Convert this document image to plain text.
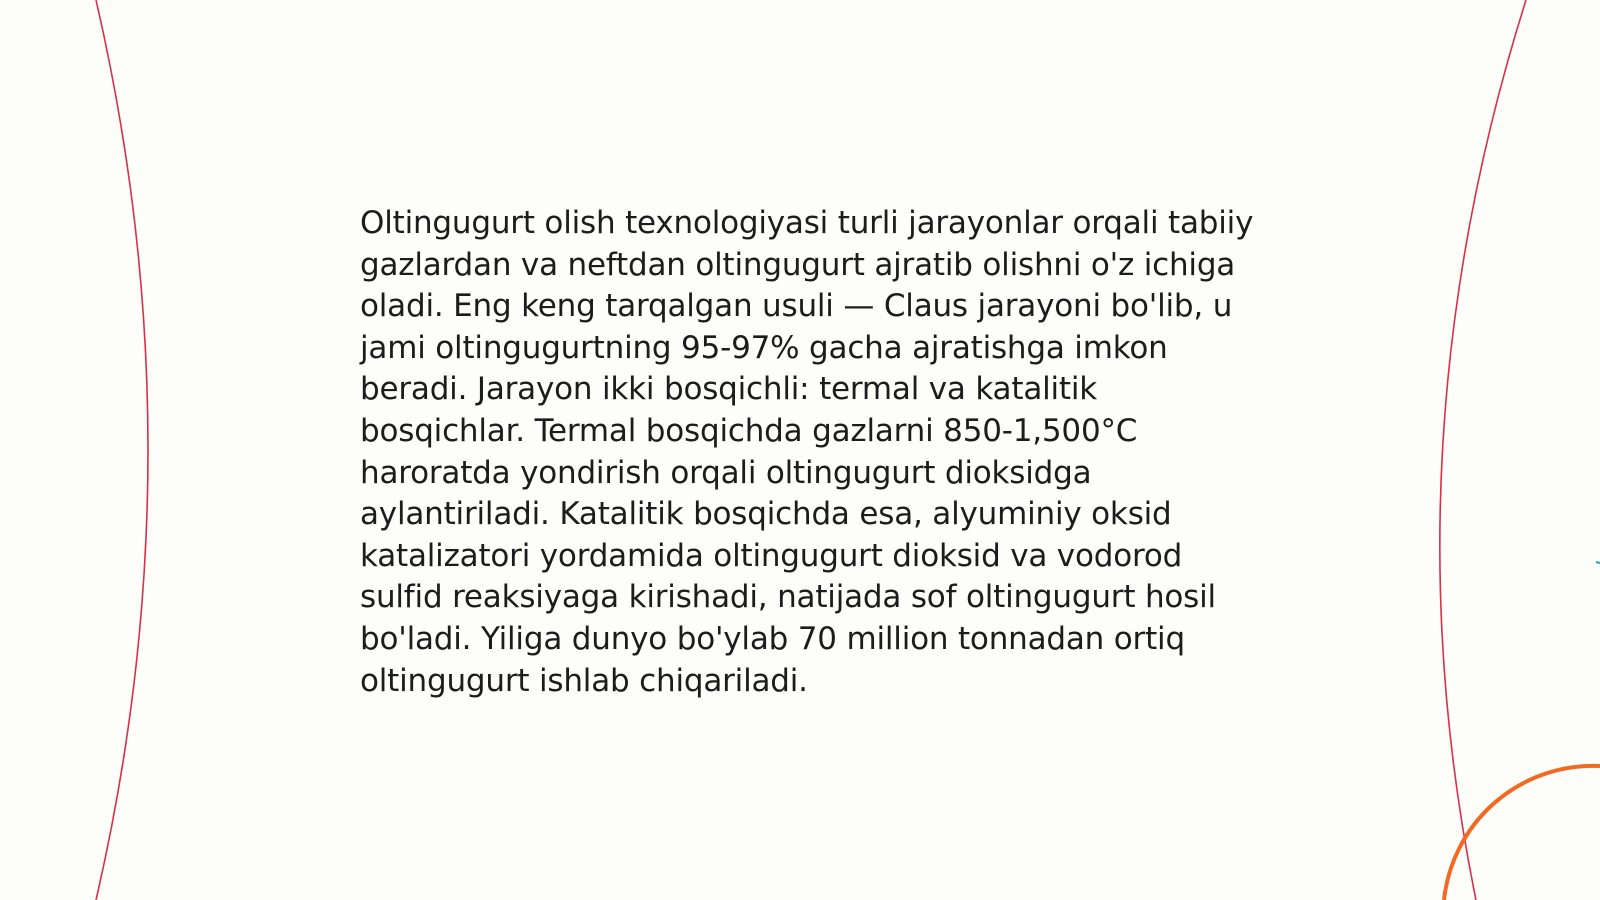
Oltingugurt olish texnologiyasi turli jarayonlar orqali tabiiy gazlardan va neftdan oltingugurt ajratib olishni o'z ichiga oladi. Eng keng tarqalgan usuli — Claus jarayoni bo'lib, u jami oltingugurtning 95-97% gacha ajratishga imkon beradi. Jarayon ikki bosqichli: termal va katalitik bosqichlar. Termal bosqichda gazlarni 850-1,500°C haroratda yondirish orqali oltingugurt dioksidga aylantiriladi. Katalitik bosqichda esa, alyuminiy oksid katalizatori yordamida oltingugurt dioksid va vodorod sulfid reaksiyaga kirishadi, natijada sof oltingugurt hosil bo'ladi. Yiliga dunyo bo'ylab 70 million tonnadan ortiq oltingugurt ishlab chiqariladi.
